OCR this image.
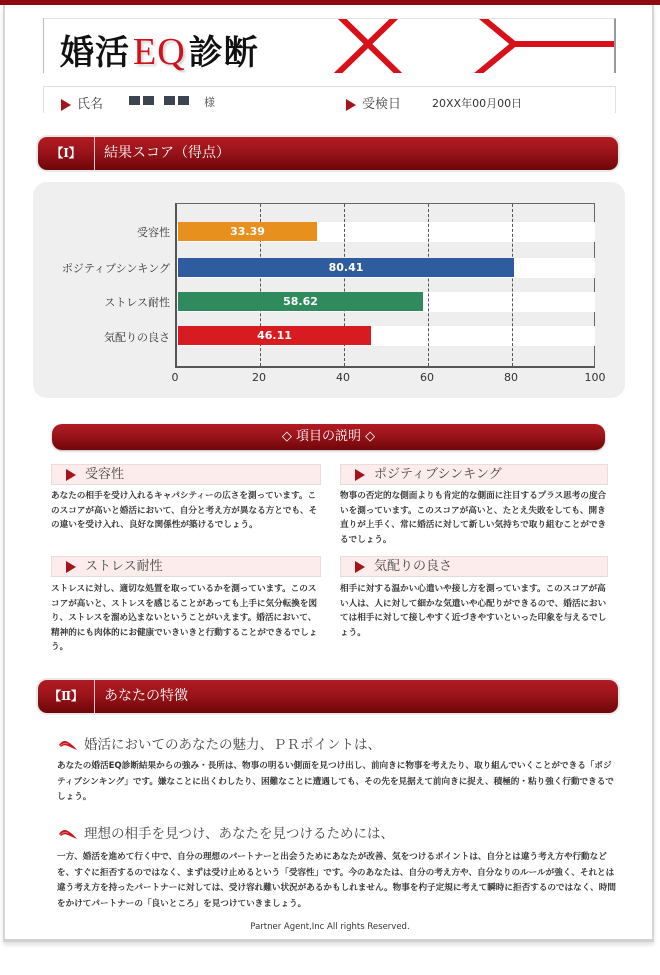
婚活EQ診断
氏名	様	受検日	20XX年00月00日
【Ⅰ】	結果スコア（得点）
33.39
80.41
58.62
46.11
受容性
ポジティブシンキング
ストレス耐性
気配りの良さ
0	20	40	60	80	100
◇ 項目の説明 ◇
受容性
あなたの相手を受け入れるキャパシティーの広さを測っています。このスコアが高いと婚活において、自分と考え方が異なる方とでも、その違いを受け入れ、良好な関係性が築けるでしょう。
ポジティブシンキング
物事の否定的な側面よりも肯定的な側面に注目するプラス思考の度合いを測っています。このスコアが高いと、たとえ失敗をしても、開き直りが上手く、常に婚活に対して新しい気持ちで取り組むことができるでしょう。
ストレス耐性
ストレスに対し、適切な処置を取っているかを測っています。このスコアが高いと、ストレスを感じることがあっても上手に気分転換を図り、ストレスを溜め込まないということがいえます。婚活において、精神的にも肉体的にお健康でいきいきと行動することができるでしょう。
気配りの良さ
相手に対する温かい心遣いや接し方を測っています。このスコアが高い人は、人に対して細かな気遣いや心配りができるので、婚活においては相手に対して接しやすく近づきやすいといった印象を与えるでしょう。
【Ⅱ】	あなたの特徴
婚活においてのあなたの魅力、ＰＲポイントは、
あなたの婚活EQ診断結果からの強み・長所は、物事の明るい側面を見つけ出し、前向きに物事を考えたり、取り組んでいくことができる「ポジティブシンキング」です。嫌なことに出くわしたり、困難なことに遭遇しても、その先を見据えて前向きに捉え、積極的・粘り強く行動できるでしょう。
理想の相手を見つけ、あなたを見つけるためには、
一方、婚活を進めて行く中で、自分の理想のパートナーと出会うためにあなたが改善、気をつけるポイントは、自分とは違う考え方や行動などを、すぐに拒否するのではなく、まずは受け止めるという「受容性」です。今のあなたは、自分の考え方や、自分なりのルールが強く、それとは違う考え方を持ったパートナーに対しては、受け容れ難い状況があるかもしれません。物事を杓子定規に考えて瞬時に拒否するのではなく、時間をかけてパートナーの「良いところ」を見つけていきましょう。
Partner Agent,Inc All rights Reserved.
